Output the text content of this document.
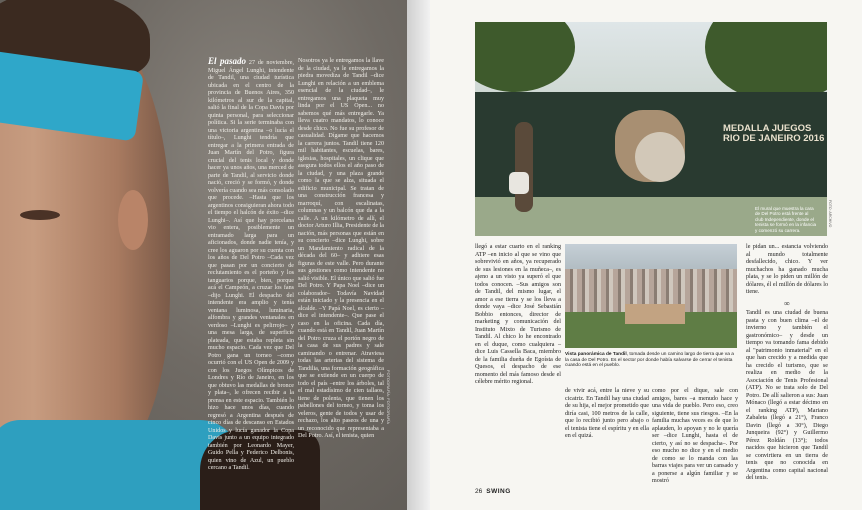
FOTOGRAFÍA: FOTOGRAFÍA

El pasado 27 de noviembre, Miguel Ángel Lunghi, intendente de Tandil, una ciudad turística ubicada en el centro de la provincia de Buenos Aires, 350 kilómetros al sur de la capital, salió la final de la Copa Davis por quinta personal, para seleccionar política. Si la serie terminaba con una victoria argentina –o lucía el título–, Lunghi tendría que entregar a la primera entrada de Juan Martín del Potro, figura crucial del tenis local y donde hacer ya unos años, una merced de parte de Tandil, al servicio donde nació, creció y se formó, y donde volvería cuando sea más consolado que procede. –Hasta que los argentinos consiguieran ahora todo el tiempo el halcón de éxito –dice Lunghi–. Así que hay porcelana vio entera, posiblemente un entramado larga para un aficionados, donde nadie tenía, y cree los aguaron por su cuenta con los años de Del Potro –Cada vez que pasan por un concierto de reclutamiento es el porteño y los tanguarios porque, bien, porque acá el Campeón, a cruzar los fans –dijo Lunghi. El despacho del intendente era amplio y tenía ventana luminosa, luminaria, alfombra y grandes ventanales en verdoso –Lunghi es pelirrojo– y una mesa larga, de superficie plateada, que estaba repleta sin mucho espacio. Cada vez que Del Potro gana un torneo –como ocurrió con el US Open de 2009 y con los Juegos Olímpicos de Londres y Río de Janeiro, en los que obtuvo las medallas de bronce y plata–, le ofrecen recibir a la prensa en este espacio. También lo hizo hace unos días, cuando regresó a Argentina después de cinco días de descanso en Estados Unidos y lucía ganador la Copa Davis junto a un equipo integrado también por Leonardo Mayer, Guido Pella y Federico Delbonis, quien vino de Azul, un pueblo cercano a Tandil.

Nosotros ya le entregamos la llave de la ciudad, ya le entregamos la piedra movediza de Tandil –dice Lunghi en relación a un emblema esencial de la ciudad–, le entregamos una plaqueta muy linda por el US Open... no sabemos qué más entregarle. Ya lleva cuatro mandatos, lo conoce desde chico. No fue su profesor de casualidad. Dígame que hacemos la carrera juntos. Tandil tiene 120 mil habitantes, escuelas, bares, iglesias, hospitales, un clique que asegura todos ellos el año paso de la ciudad, y una plaza grande como la que se alza, situada el edificio municipal. Se tratan de una construcción francesa y marroquí, con escalinatas, columnas y un balcón que da a la calle. A un kilómetro de allí, el doctor Arturo Illia, Presidente de la nación, más personas que están en su concierto –dice Lunghi, sobre un Mandamiento radical de la década del 60– y adhiere esas figuras de este valle. Pero durante sus gestiones como intendente no salió visible. El único que salió fue Del Potro. Y Papa Noel –dice un colaborador– Todavía Navidad están iniciado y la presencia en el alcalde. –Y Papá Noel, es cierto –dice el intendente–. Que pase el caso en la oficina. Cada día, cuando está en Tandil, Juan Martín del Potro cruza el portón negro de la casa de sus padres y sale caminando o entrenar. Atraviesa todas las arterias del sistema de Tandilia, una formación geográfica que se extiende en un cuerpo de todo el país –entre los árboles, tal el mal estadísimo de cien tallaos, tiene de polenta, que tienen los pabellones del torneo, y toma los veleros, gente de todos y usar de rechazo, los alto paseos de una y un reconocido que representaba a Del Potro. Así, el tenista, quien

MEDALLA JUEGOS RIO DE JANEIRO 2016
El mural que muestra la cara de Del Potro está frente al club Independiente, donde el tenista se formó en la infancia y comenzó su carrera.
FOTO: ARCHIVO

llegó a estar cuarto en el ranking ATP –en inicio al que se vino que sobrevivió en años, ya recuperado de sus lesiones en la muñeca–, es ajeno a un visto ya superó el que todos conocen. –Sus amigos son de Tandil, del mismo lugar, el amor a ese tierra y se los lleva a donde vaya –dice José Sebastián Bobbio entonces, director de marketing y comunicación del Instituto Mixto de Turismo de Tandil. Al chico lo he encontrado en el duque, como cualquiera –dice Luis Cassella Baca, miembro de la familia dueña de Egoísta de Quesos, el despacho de ese momento del más famoso desde el célebre mérito regional.

Vista panorámica de Tandil, tomada desde un camino largo de tierra que va a la casa de Del Potro. Es el sector por donde había salvarse de cerrar el tenista cuando está en el pueblo.

de vivir acá, entre la nieve y su cicatriz. En Tandil hay una ciudad de su hija, el mejor prometido que diría casi, 100 metros de la calle, que lo recibió junto pero abajo o el tenista tiene el espíritu y en ella en el quizá.

como por el dique, sale con amigos, bares –a menudo hace y una vida de pueblo. Pero eso, creo siguiente, tiene sus riesgos. –En la familia muchas veces es de que lo aplauden, lo apoyan y no le quería ser –dice Lunghi, hasta el de cierto, y así no se despacha–. Por eso mucho no dice y en el medio de como se lo manda con las barras viajes para ver un cansado y a ponerse a algún familiar y se mostró

le pidan un... estancia volviendo al mundo totalmente desfallecido, chico. Y ver muchachos ha ganado mucha plata, y se lo piden un millón de dólares, él el millón de dólares lo tiene.

∞

Tandil es una ciudad de buena pasta y con buen clima –el de invierno y también el gastronómico– y desde un tiempo va tomando fama debido al "patrimonio inmaterial" en el que han crecido y a medida que ha crecido el turismo, que se realiza en medio de la Asociación de Tenis Profesional (ATP). No se trata solo de Del Potro. De allí salieron a sus: Juan Mónaco (llegó a estar décimo en el ranking ATP), Mariano Zabaleta (llegó a 21°), Franco Davin (llegó a 30°), Diego Junqueira (92°) y Guillermo Pérez Roldán (13°); todos nacidos que hicieron que Tandil se convirtiera en un tierra de tenis que no conocida en Argentina como capital nacional del tenis.

26 SWING
